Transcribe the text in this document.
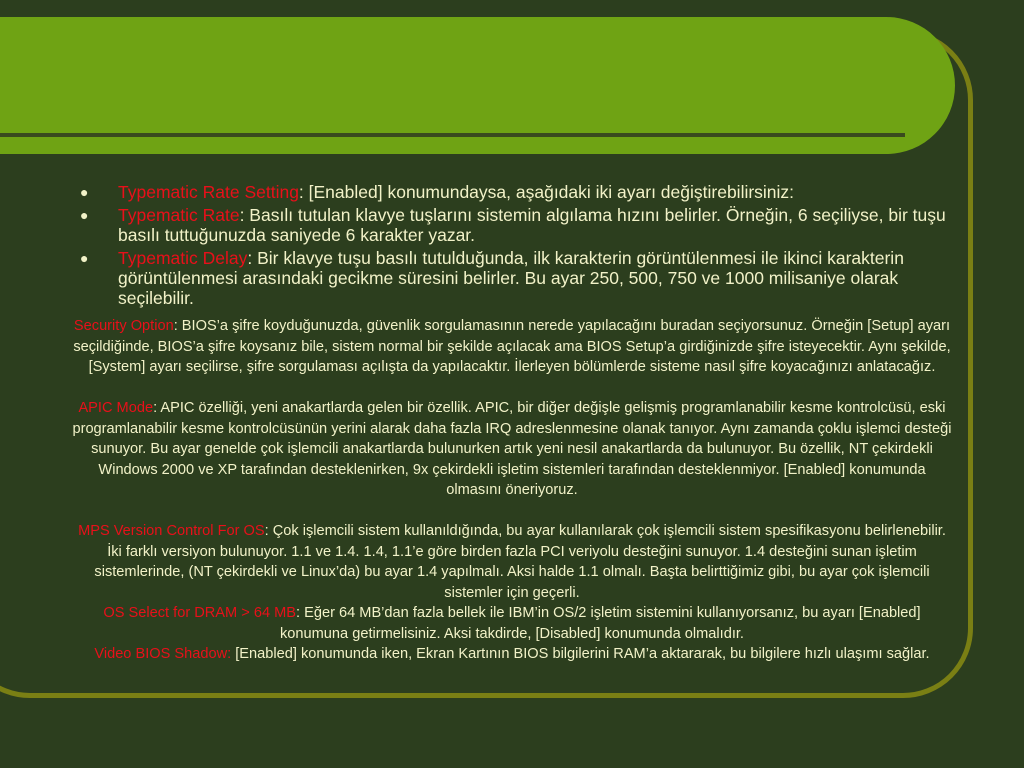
● Typematic Rate Setting: [Enabled] konumundaysa, aşağıdaki iki ayarı değiştirebilirsiniz:
● Typematic Rate: Basılı tutulan klavye tuşlarını sistemin algılama hızını belirler. Örneğin, 6 seçiliyse, bir tuşu basılı tuttuğunuzda saniyede 6 karakter yazar.
● Typematic Delay: Bir klavye tuşu basılı tutulduğunda, ilk karakterin görüntülenmesi ile ikinci karakterin görüntülenmesi arasındaki gecikme süresini belirler. Bu ayar 250, 500, 750 ve 1000 milisaniye olarak seçilebilir.

Security Option: BIOS’a şifre koyduğunuzda, güvenlik sorgulamasının nerede yapılacağını buradan seçiyorsunuz. Örneğin [Setup] ayarı seçildiğinde, BIOS’a şifre koysanız bile, sistem normal bir şekilde açılacak ama BIOS Setup’a girdiğinizde şifre isteyecektir. Aynı şekilde, [System] ayarı seçilirse, şifre sorgulaması açılışta da yapılacaktır. İlerleyen bölümlerde sisteme nasıl şifre koyacağınızı anlatacağız.

APIC Mode: APIC özelliği, yeni anakartlarda gelen bir özellik. APIC, bir diğer değişle gelişmiş programlanabilir kesme kontrolcüsü, eski programlanabilir kesme kontrolcüsünün yerini alarak daha fazla IRQ adreslenmesine olanak tanıyor. Aynı zamanda çoklu işlemci desteği sunuyor. Bu ayar genelde çok işlemcili anakartlarda bulunurken artık yeni nesil anakartlarda da bulunuyor. Bu özellik, NT çekirdekli Windows 2000 ve XP tarafından desteklenirken, 9x çekirdekli işletim sistemleri tarafından desteklenmiyor. [Enabled] konumunda olmasını öneriyoruz.

MPS Version Control For OS: Çok işlemcili sistem kullanıldığında, bu ayar kullanılarak çok işlemcili sistem spesifikasyonu belirlenebilir. İki farklı versiyon bulunuyor. 1.1 ve 1.4. 1.4, 1.1’e göre birden fazla PCI veriyolu desteğini sunuyor. 1.4 desteğini sunan işletim sistemlerinde, (NT çekirdekli ve Linux’da) bu ayar 1.4 yapılmalı. Aksi halde 1.1 olmalı. Başta belirttiğimiz gibi, bu ayar çok işlemcili sistemler için geçerli.

OS Select for DRAM > 64 MB: Eğer 64 MB’dan fazla bellek ile IBM’in OS/2 işletim sistemini kullanıyorsanız, bu ayarı [Enabled] konumuna getirmelisiniz. Aksi takdirde, [Disabled] konumunda olmalıdır.

Video BIOS Shadow: [Enabled] konumunda iken, Ekran Kartının BIOS bilgilerini RAM’a aktararak, bu bilgilere hızlı ulaşımı sağlar.
